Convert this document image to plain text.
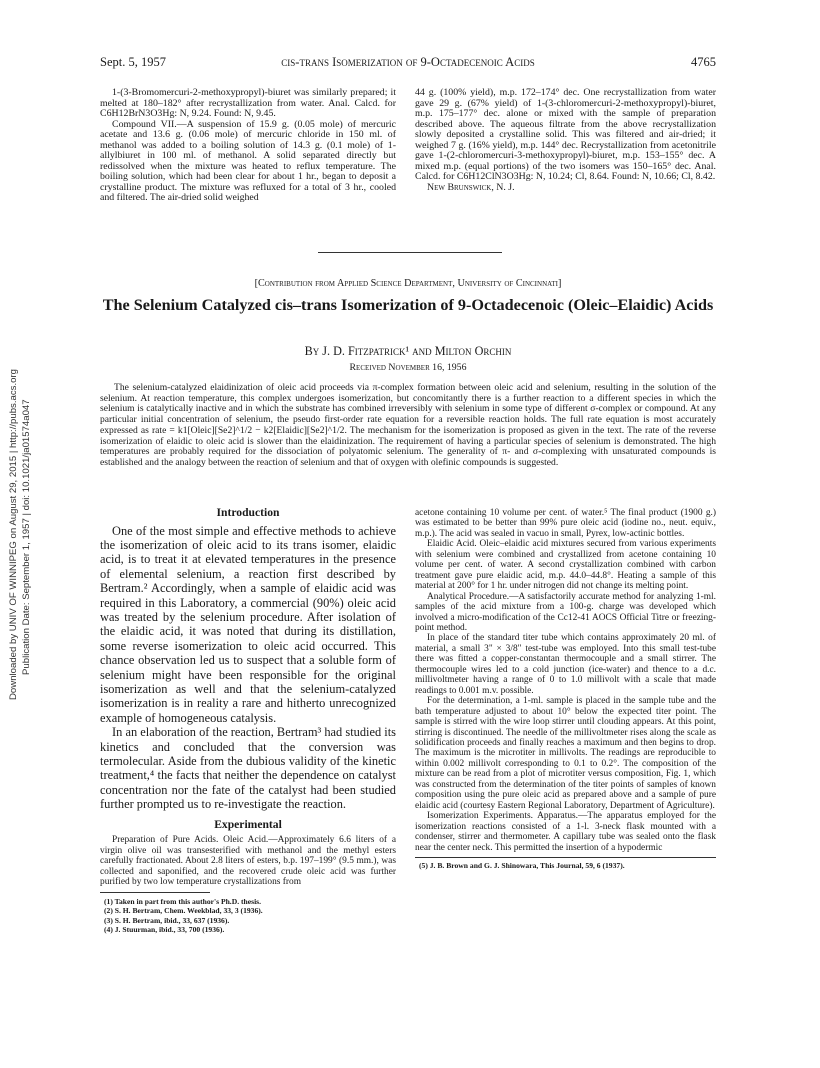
Downloaded by UNIV OF WINNIPEG on August 29, 2015 | http://pubs.acs.org Publication Date: September 1, 1957 | doi: 10.1021/ja01574a047
Sept. 5, 1957	cis-trans Isomerization of 9-Octadecenoic Acids	4765

1-(3-Bromomercuri-2-methoxypropyl)-biuret was similarly prepared; it melted at 180–182° after recrystallization from water. Anal. Calcd. for C6H12BrN3O3Hg: N, 9.24. Found: N, 9.45.

Compound VII.—A suspension of 15.9 g. (0.05 mole) of mercuric acetate and 13.6 g. (0.06 mole) of mercuric chloride in 150 ml. of methanol was added to a boiling solution of 14.3 g. (0.1 mole) of 1-allylbiuret in 100 ml. of methanol. A solid separated directly but redissolved when the mixture was heated to reflux temperature. The boiling solution, which had been clear for about 1 hr., began to deposit a crystalline product. The mixture was refluxed for a total of 3 hr., cooled and filtered. The air-dried solid weighed

44 g. (100% yield), m.p. 172–174° dec. One recrystallization from water gave 29 g. (67% yield) of 1-(3-chloromercuri-2-methoxypropyl)-biuret, m.p. 175–177° dec. alone or mixed with the sample of preparation described above. The aqueous filtrate from the above recrystallization slowly deposited a crystalline solid. This was filtered and air-dried; it weighed 7 g. (16% yield), m.p. 144° dec. Recrystallization from acetonitrile gave 1-(2-chloromercuri-3-methoxypropyl)-biuret, m.p. 153–155° dec. A mixed m.p. (equal portions) of the two isomers was 150–165° dec. Anal. Calcd. for C6H12ClN3O3Hg: N, 10.24; Cl, 8.64. Found: N, 10.66; Cl, 8.42.

New Brunswick, N. J.

[Contribution from Applied Science Department, University of Cincinnati]
The Selenium Catalyzed cis–trans Isomerization of 9-Octadecenoic (Oleic–Elaidic) Acids
By J. D. Fitzpatrick¹ and Milton Orchin
Received November 16, 1956

The selenium-catalyzed elaidinization of oleic acid proceeds via π-complex formation between oleic acid and selenium, resulting in the solution of the selenium. At reaction temperature, this complex undergoes isomerization, but concomitantly there is a further reaction to a different species in which the selenium is catalytically inactive and in which the substrate has combined irreversibly with selenium in some type of different σ-complex or compound. At any particular initial concentration of selenium, the pseudo first-order rate equation for a reversible reaction holds. The full rate equation is most accurately expressed as rate = k1[Oleic][Se2]^1/2 − k2[Elaidic][Se2]^1/2. The mechanism for the isomerization is proposed as given in the text. The rate of the reverse isomerization of elaidic to oleic acid is slower than the elaidinization. The requirement of having a particular species of selenium is demonstrated. The high temperatures are probably required for the dissociation of polyatomic selenium. The generality of π- and σ-complexing with unsaturated compounds is established and the analogy between the reaction of selenium and that of oxygen with olefinic compounds is suggested.

Introduction

One of the most simple and effective methods to achieve the isomerization of oleic acid to its trans isomer, elaidic acid, is to treat it at elevated temperatures in the presence of elemental selenium, a reaction first described by Bertram.² Accordingly, when a sample of elaidic acid was required in this Laboratory, a commercial (90%) oleic acid was treated by the selenium procedure. After isolation of the elaidic acid, it was noted that during its distillation, some reverse isomerization to oleic acid occurred. This chance observation led us to suspect that a soluble form of selenium might have been responsible for the original isomerization as well and that the selenium-catalyzed isomerization is in reality a rare and hitherto unrecognized example of homogeneous catalysis.

In an elaboration of the reaction, Bertram³ had studied its kinetics and concluded that the conversion was termolecular. Aside from the dubious validity of the kinetic treatment,⁴ the facts that neither the dependence on catalyst concentration nor the fate of the catalyst had been studied further prompted us to re-investigate the reaction.

Experimental

Preparation of Pure Acids. Oleic Acid.—Approximately 6.6 liters of a virgin olive oil was transesterified with methanol and the methyl esters carefully fractionated. About 2.8 liters of esters, b.p. 197–199° (9.5 mm.), was collected and saponified, and the recovered crude oleic acid was further purified by two low temperature crystallizations from

(1) Taken in part from this author's Ph.D. thesis.

(2) S. H. Bertram, Chem. Weekblad, 33, 3 (1936).

(3) S. H. Bertram, ibid., 33, 637 (1936).

(4) J. Stuurman, ibid., 33, 700 (1936).

acetone containing 10 volume per cent. of water.⁵ The final product (1900 g.) was estimated to be better than 99% pure oleic acid (iodine no., neut. equiv., m.p.). The acid was sealed in vacuo in small, Pyrex, low-actinic bottles.

Elaidic Acid. Oleic–elaidic acid mixtures secured from various experiments with selenium were combined and crystallized from acetone containing 10 volume per cent. of water. A second crystallization combined with carbon treatment gave pure elaidic acid, m.p. 44.0–44.8°. Heating a sample of this material at 200° for 1 hr. under nitrogen did not change its melting point.

Analytical Procedure.—A satisfactorily accurate method for analyzing 1-ml. samples of the acid mixture from a 100-g. charge was developed which involved a micro-modification of the Cc12-41 AOCS Official Titre or freezing-point method.

In place of the standard titer tube which contains approximately 20 ml. of material, a small 3" × 3/8" test-tube was employed. Into this small test-tube there was fitted a copper-constantan thermocouple and a small stirrer. The thermocouple wires led to a cold junction (ice-water) and thence to a d.c. millivoltmeter having a range of 0 to 1.0 millivolt with a scale that made readings to 0.001 m.v. possible.

For the determination, a 1-ml. sample is placed in the sample tube and the bath temperature adjusted to about 10° below the expected titer point. The sample is stirred with the wire loop stirrer until clouding appears. At this point, stirring is discontinued. The needle of the millivoltmeter rises along the scale as solidification proceeds and finally reaches a maximum and then begins to drop. The maximum is the microtiter in millivolts. The readings are reproducible to within 0.002 millivolt corresponding to 0.1 to 0.2°. The composition of the mixture can be read from a plot of microtiter versus composition, Fig. 1, which was constructed from the determination of the titer points of samples of known composition using the pure oleic acid as prepared above and a sample of pure elaidic acid (courtesy Eastern Regional Laboratory, Department of Agriculture).

Isomerization Experiments. Apparatus.—The apparatus employed for the isomerization reactions consisted of a 1-l. 3-neck flask mounted with a condenser, stirrer and thermometer. A capillary tube was sealed onto the flask near the center neck. This permitted the insertion of a hypodermic

(5) J. B. Brown and G. J. Shinowara, This Journal, 59, 6 (1937).
